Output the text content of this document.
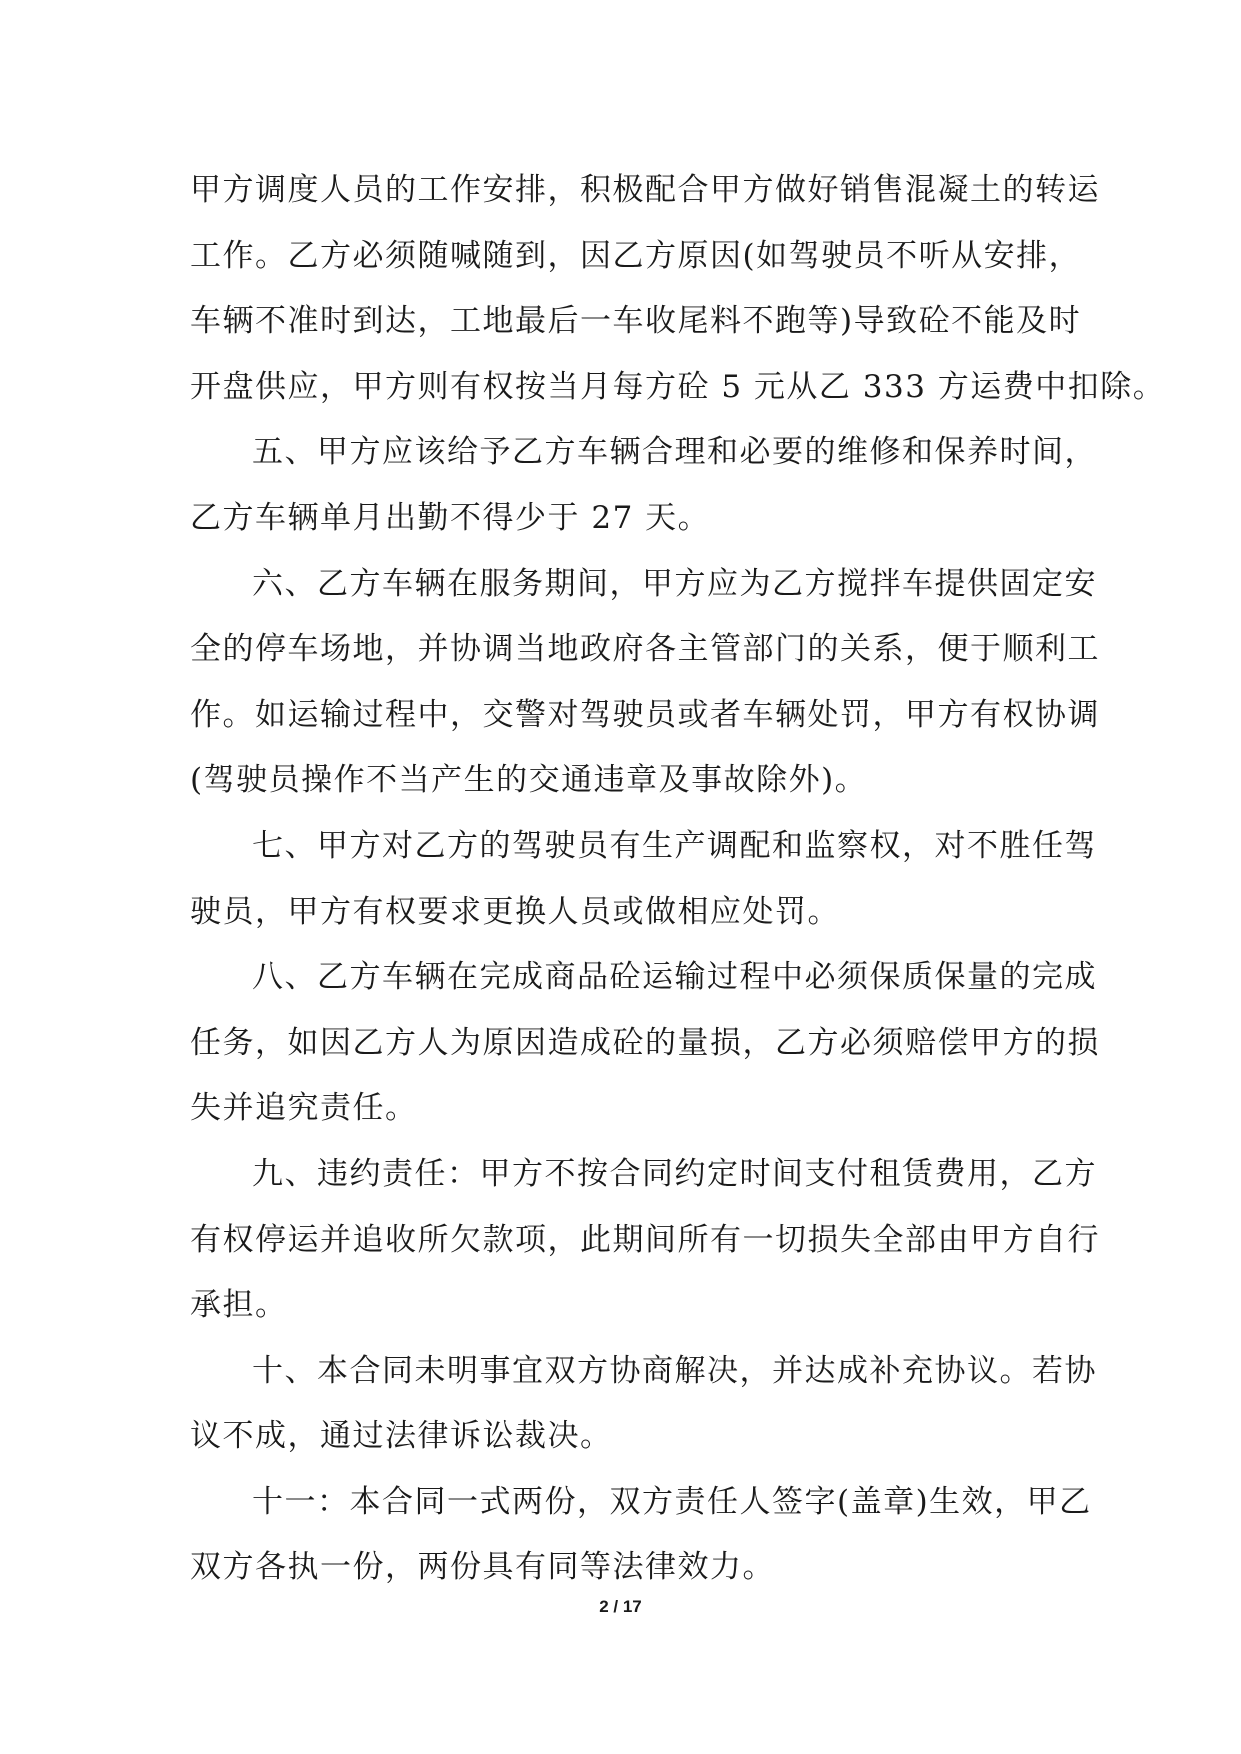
甲方调度人员的工作安排，积极配合甲方做好销售混凝土的转运
工作。乙方必须随喊随到，因乙方原因(如驾驶员不听从安排，
车辆不准时到达，工地最后一车收尾料不跑等)导致砼不能及时
开盘供应，甲方则有权按当月每方砼 5 元从乙 333 方运费中扣除。
五、甲方应该给予乙方车辆合理和必要的维修和保养时间，
乙方车辆单月出勤不得少于 27 天。
六、乙方车辆在服务期间，甲方应为乙方搅拌车提供固定安
全的停车场地，并协调当地政府各主管部门的关系，便于顺利工
作。如运输过程中，交警对驾驶员或者车辆处罚，甲方有权协调
(驾驶员操作不当产生的交通违章及事故除外)。
七、甲方对乙方的驾驶员有生产调配和监察权，对不胜任驾
驶员，甲方有权要求更换人员或做相应处罚。
八、乙方车辆在完成商品砼运输过程中必须保质保量的完成
任务，如因乙方人为原因造成砼的量损，乙方必须赔偿甲方的损
失并追究责任。
九、违约责任：甲方不按合同约定时间支付租赁费用，乙方
有权停运并追收所欠款项，此期间所有一切损失全部由甲方自行
承担。
十、本合同未明事宜双方协商解决，并达成补充协议。若协
议不成，通过法律诉讼裁决。
十一：本合同一式两份，双方责任人签字(盖章)生效，甲乙
双方各执一份，两份具有同等法律效力。
2 / 17
